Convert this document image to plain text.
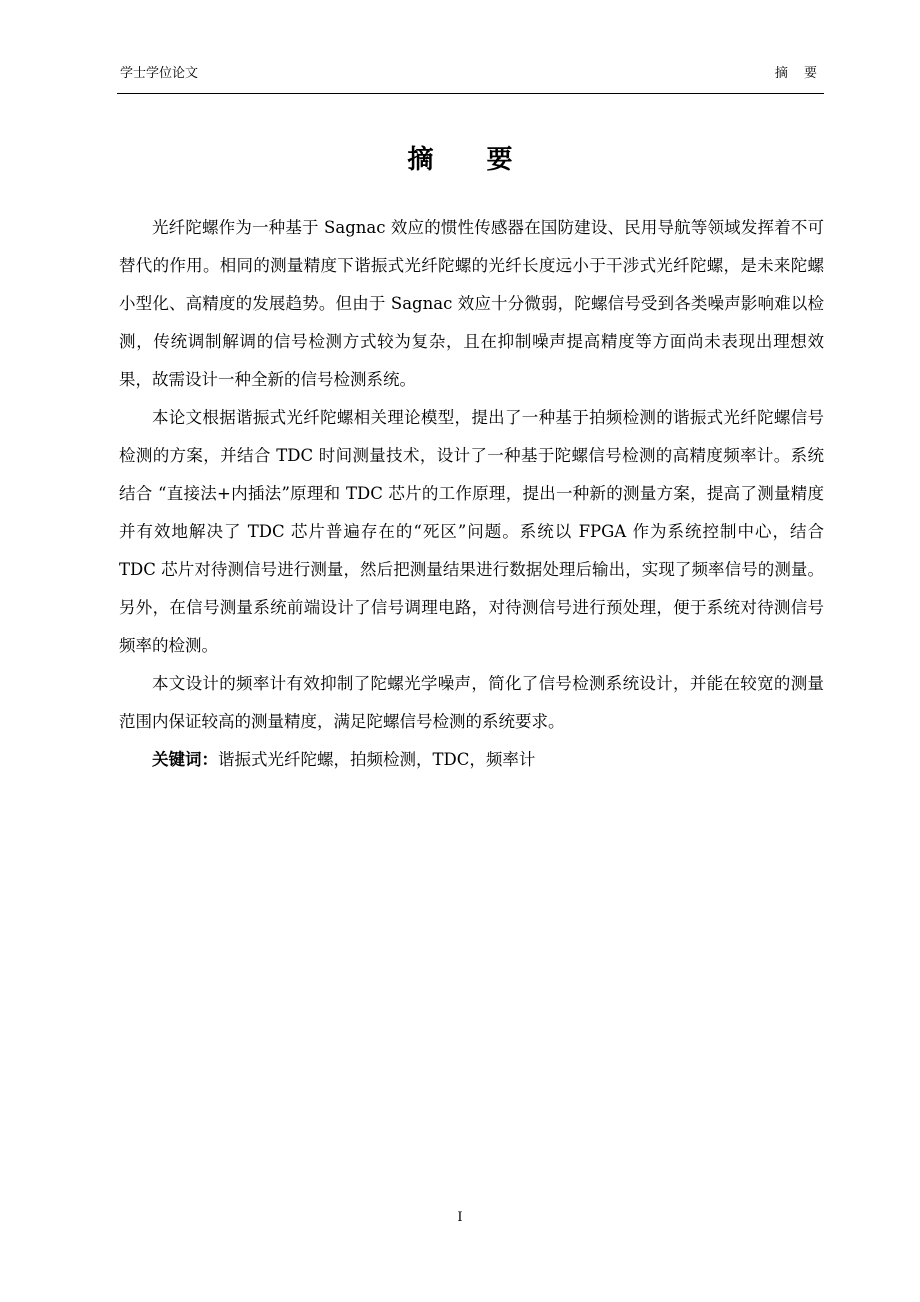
学士学位论文	摘 要
摘 要

光纤陀螺作为一种基于 Sagnac 效应的惯性传感器在国防建设、民用导航等领域发挥着不可替代的作用。相同的测量精度下谐振式光纤陀螺的光纤长度远小于干涉式光纤陀螺，是未来陀螺小型化、高精度的发展趋势。但由于 Sagnac 效应十分微弱，陀螺信号受到各类噪声影响难以检测，传统调制解调的信号检测方式较为复杂，且在抑制噪声提高精度等方面尚未表现出理想效果，故需设计一种全新的信号检测系统。

本论文根据谐振式光纤陀螺相关理论模型，提出了一种基于拍频检测的谐振式光纤陀螺信号检测的方案，并结合 TDC 时间测量技术，设计了一种基于陀螺信号检测的高精度频率计。系统结合 “直接法+内插法”原理和 TDC 芯片的工作原理，提出一种新的测量方案，提高了测量精度并有效地解决了 TDC 芯片普遍存在的“死区”问题。系统以 FPGA 作为系统控制中心，结合 TDC 芯片对待测信号进行测量，然后把测量结果进行数据处理后输出，实现了频率信号的测量。另外，在信号测量系统前端设计了信号调理电路，对待测信号进行预处理，便于系统对待测信号频率的检测。

本文设计的频率计有效抑制了陀螺光学噪声，简化了信号检测系统设计，并能在较宽的测量范围内保证较高的测量精度，满足陀螺信号检测的系统要求。

关键词：谐振式光纤陀螺，拍频检测，TDC，频率计

I
